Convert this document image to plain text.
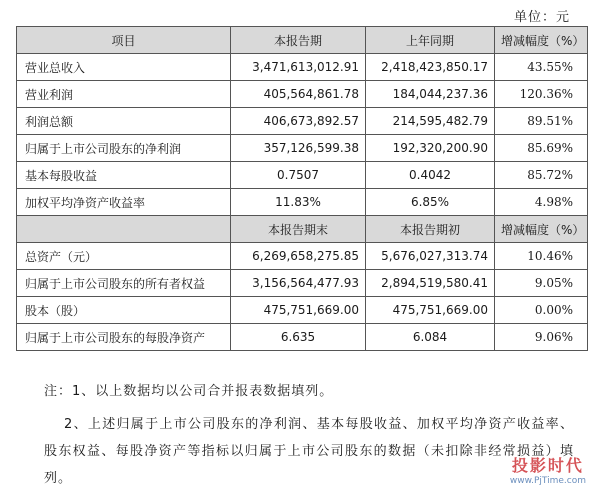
单位：元
项目	本报告期	上年同期	增减幅度（%）
营业总收入	3,471,613,012.91	2,418,423,850.17	43.55%
营业利润	405,564,861.78	184,044,237.36	120.36%
利润总额	406,673,892.57	214,595,482.79	89.51%
归属于上市公司股东的净利润	357,126,599.38	192,320,200.90	85.69%
基本每股收益	0.7507	0.4042	85.72%
加权平均净资产收益率	11.83%	6.85%	4.98%
	本报告期末	本报告期初	增减幅度（%）
总资产（元）	6,269,658,275.85	5,676,027,313.74	10.46%
归属于上市公司股东的所有者权益	3,156,564,477.93	2,894,519,580.41	9.05%
股本（股）	475,751,669.00	475,751,669.00	0.00%
归属于上市公司股东的每股净资产	6.635	6.084	9.06%

注：1、以上数据均以公司合并报表数据填列。

2、上述归属于上市公司股东的净利润、基本每股收益、加权平均净资产收益率、股东权益、每股净资产等指标以归属于上市公司股东的数据（未扣除非经常损益）填列。

投影时代
www.PjTime.com
